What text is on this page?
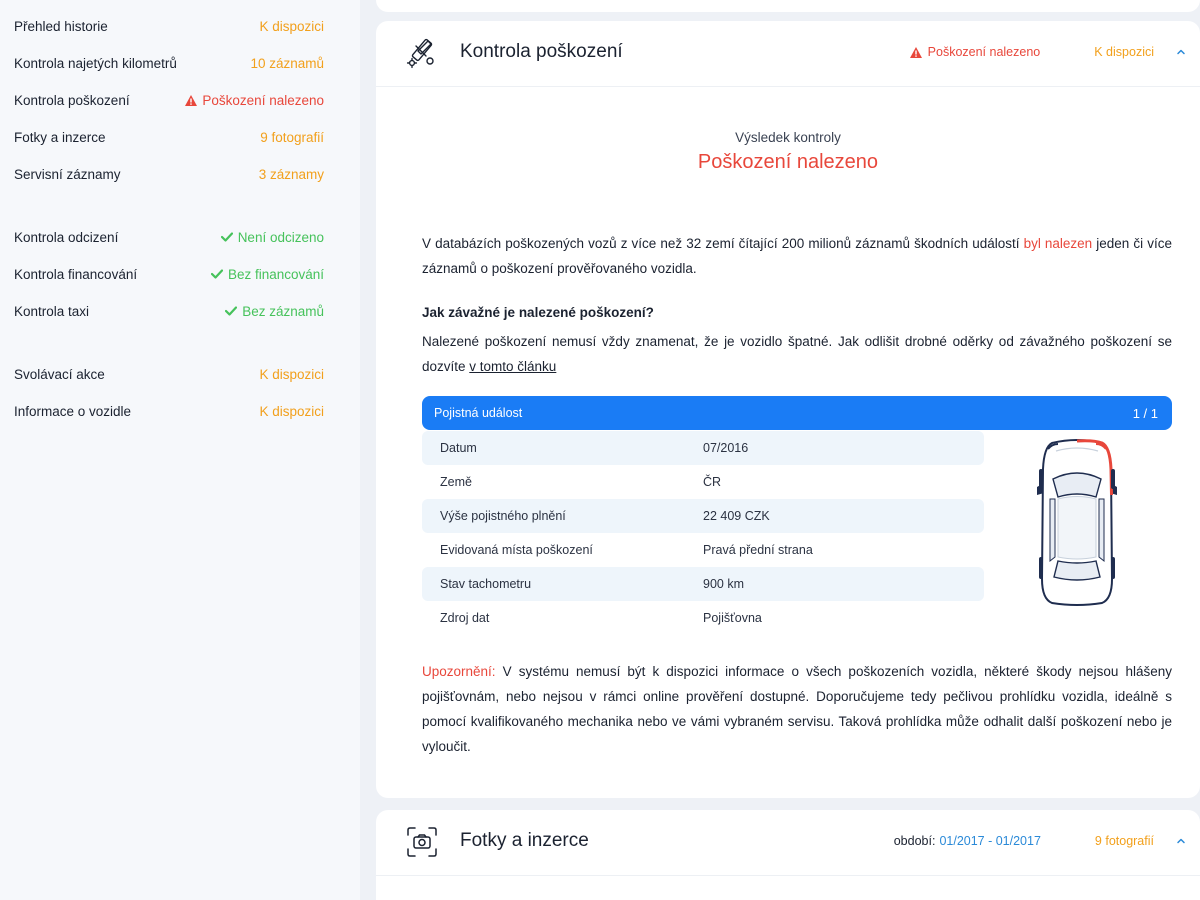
Přehled historie	K dispozici
Kontrola najetých kilometrů	10 záznamů
Kontrola poškození	Poškození nalezeno
Fotky a inzerce	9 fotografií
Servisní záznamy	3 záznamy
Kontrola odcizení	Není odcizeno
Kontrola financování	Bez financování
Kontrola taxi	Bez záznamů
Svolávací akce	K dispozici
Informace o vozidle	K dispozici
Kontrola poškození	Poškození nalezeno	K dispozici
Výsledek kontroly
Poškození nalezeno

V databázích poškozených vozů z více než 32 zemí čítající 200 milionů záznamů škodních událostí byl nalezen jeden či více záznamů o poškození prověřovaného vozidla.

Jak závažné je nalezené poškození?

Nalezené poškození nemusí vždy znamenat, že je vozidlo špatné. Jak odlišit drobné oděrky od závažného poškození se dozvíte v tomto článku

Pojistná událost	1 / 1
Datum	07/2016
Země	ČR
Výše pojistného plnění	22 409 CZK
Evidovaná místa poškození	Pravá přední strana
Stav tachometru	900 km
Zdroj dat	Pojišťovna

Upozornění: V systému nemusí být k dispozici informace o všech poškozeních vozidla, některé škody nejsou hlášeny pojišťovnám, nebo nejsou v rámci online prověření dostupné. Doporučujeme tedy pečlivou prohlídku vozidla, ideálně s pomocí kvalifikovaného mechanika nebo ve vámi vybraném servisu. Taková prohlídka může odhalit další poškození nebo je vyloučit.

Fotky a inzerce	období: 01/2017 - 01/2017	9 fotografií
